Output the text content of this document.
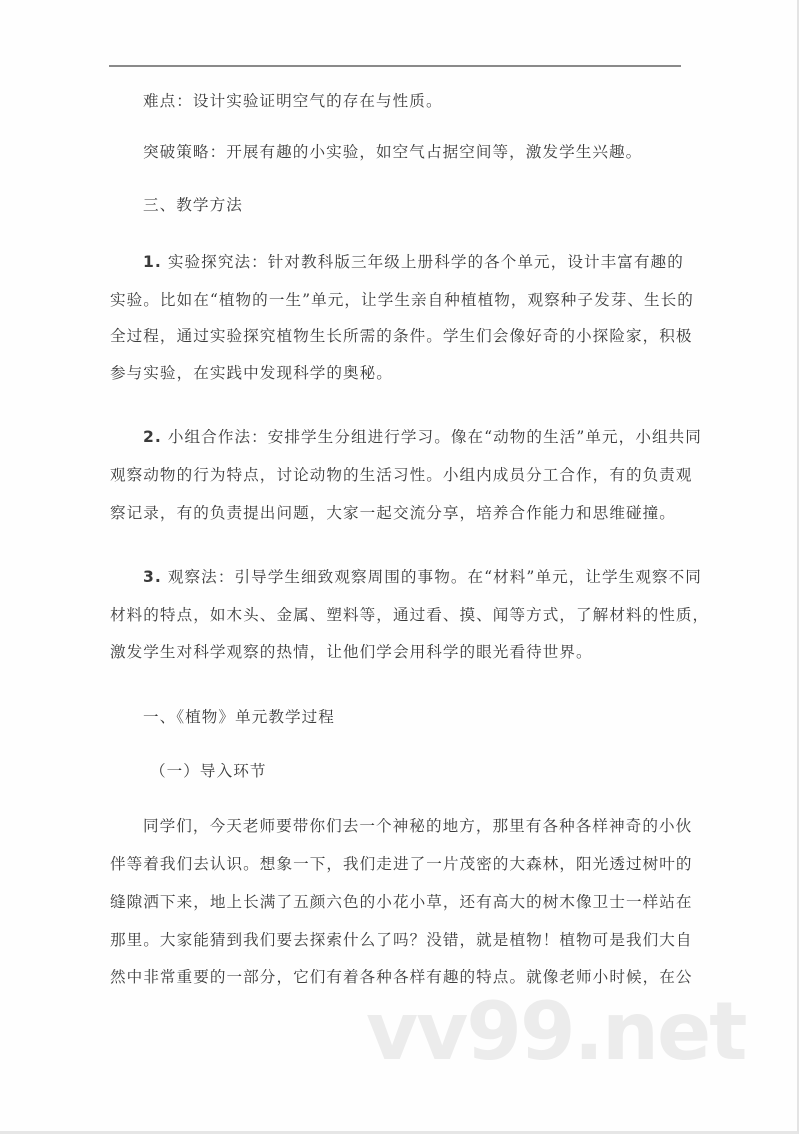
vv99.net
难点：设计实验证明空气的存在与性质。
突破策略：开展有趣的小实验，如空气占据空间等，激发学生兴趣。
三、教学方法
1. 实验探究法：针对教科版三年级上册科学的各个单元，设计丰富有趣的
实验。比如在“植物的一生”单元，让学生亲自种植植物，观察种子发芽、生长的
全过程，通过实验探究植物生长所需的条件。学生们会像好奇的小探险家，积极
参与实验，在实践中发现科学的奥秘。
2. 小组合作法：安排学生分组进行学习。像在“动物的生活”单元，小组共同
观察动物的行为特点，讨论动物的生活习性。小组内成员分工合作，有的负责观
察记录，有的负责提出问题，大家一起交流分享，培养合作能力和思维碰撞。
3. 观察法：引导学生细致观察周围的事物。在“材料”单元，让学生观察不同
材料的特点，如木头、金属、塑料等，通过看、摸、闻等方式，了解材料的性质，
激发学生对科学观察的热情，让他们学会用科学的眼光看待世界。
一、《植物》单元教学过程
（一）导入环节
同学们，今天老师要带你们去一个神秘的地方，那里有各种各样神奇的小伙
伴等着我们去认识。想象一下，我们走进了一片茂密的大森林，阳光透过树叶的
缝隙洒下来，地上长满了五颜六色的小花小草，还有高大的树木像卫士一样站在
那里。大家能猜到我们要去探索什么了吗？没错，就是植物！植物可是我们大自
然中非常重要的一部分，它们有着各种各样有趣的特点。就像老师小时候，在公
